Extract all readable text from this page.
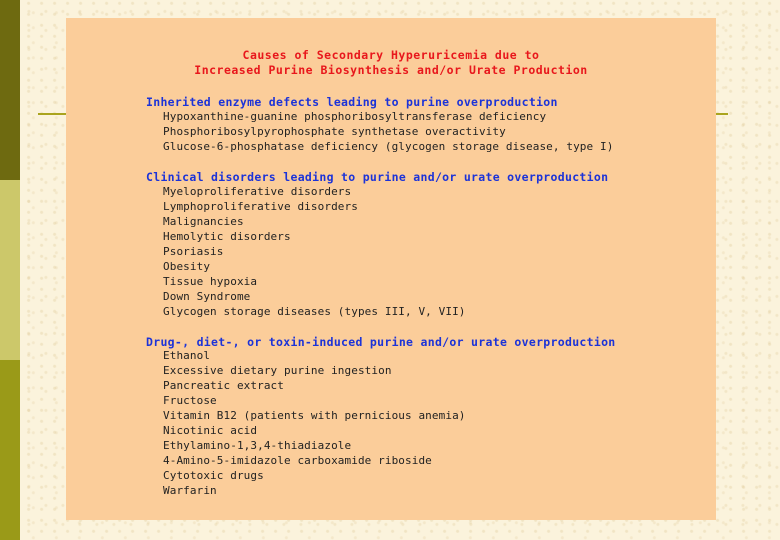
Causes of Secondary Hyperuricemia due to
Increased Purine Biosynthesis and/or Urate Production
Inherited enzyme defects leading to purine overproduction
Hypoxanthine-guanine phosphoribosyltransferase deficiency
Phosphoribosylpyrophosphate synthetase overactivity
Glucose-6-phosphatase deficiency (glycogen storage disease, type I)
Clinical disorders leading to purine and/or urate overproduction
Myeloproliferative disorders
Lymphoproliferative disorders
Malignancies
Hemolytic disorders
Psoriasis
Obesity
Tissue hypoxia
Down Syndrome
Glycogen storage diseases (types III, V, VII)
Drug-, diet-, or toxin-induced purine and/or urate overproduction
Ethanol
Excessive dietary purine ingestion
Pancreatic extract
Fructose
Vitamin B12 (patients with pernicious anemia)
Nicotinic acid
Ethylamino-1,3,4-thiadiazole
4-Amino-5-imidazole carboxamide riboside
Cytotoxic drugs
Warfarin
